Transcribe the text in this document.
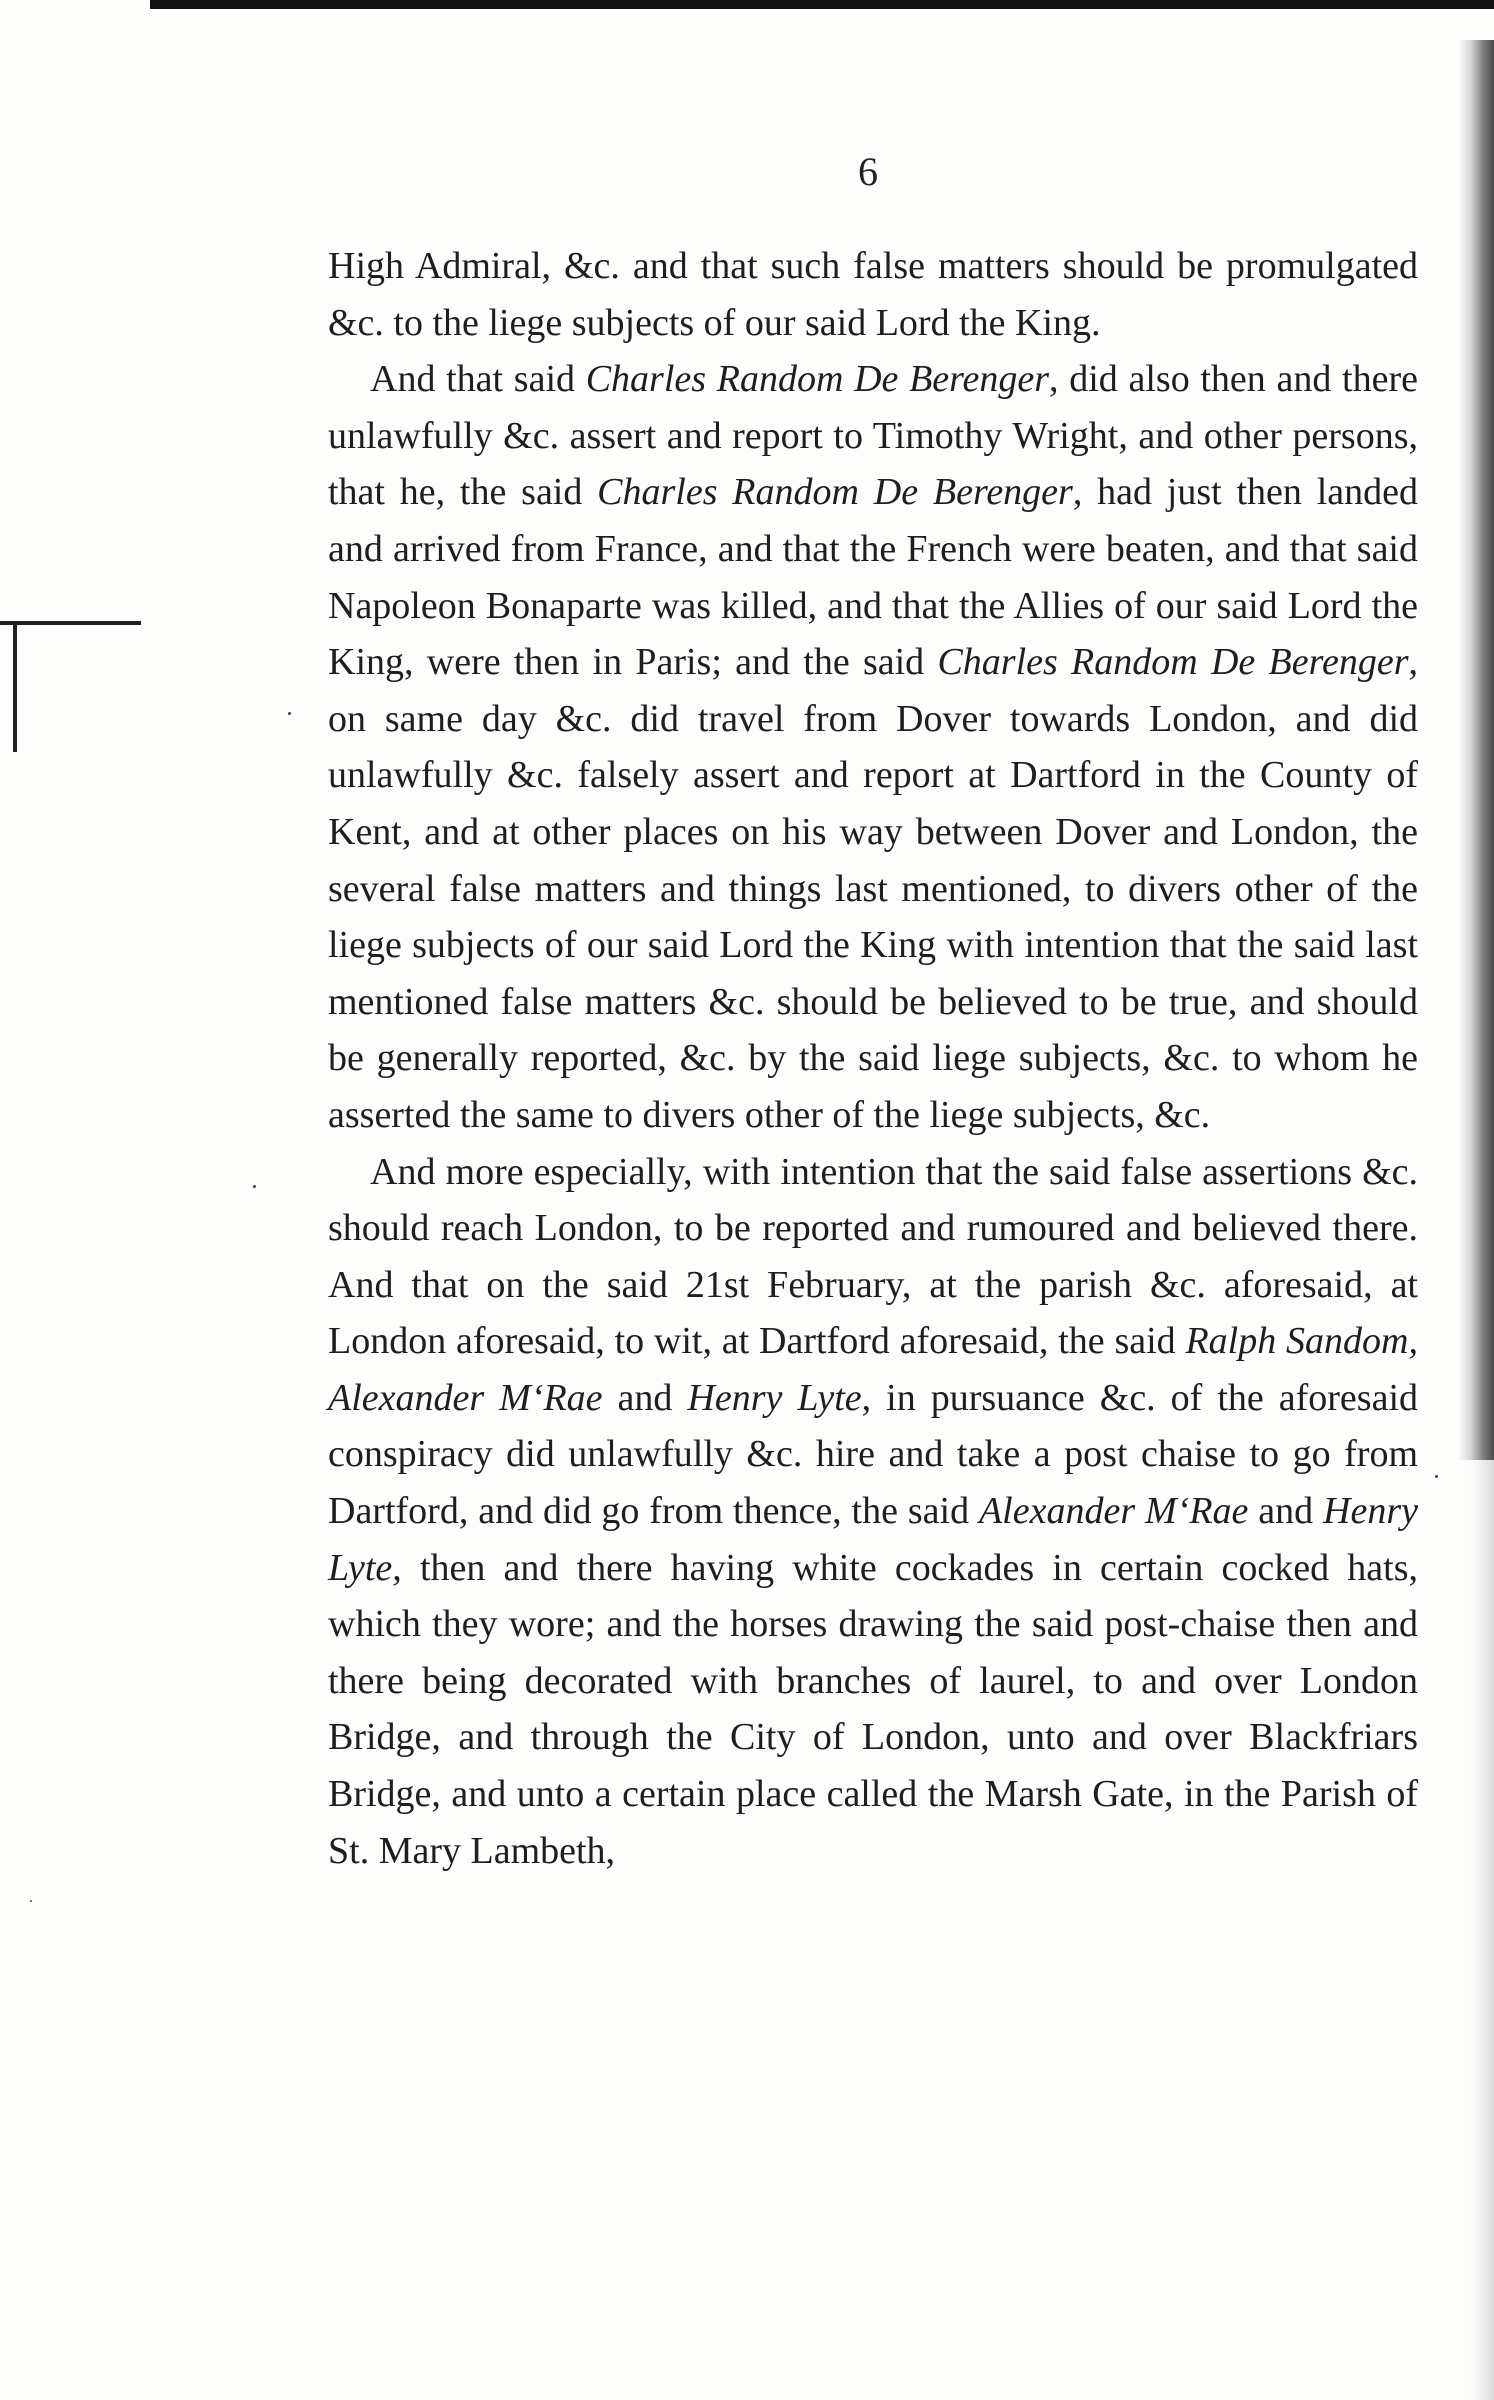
6

High Admiral, &c. and that such false matters should be promulgated &c. to the liege subjects of our said Lord the King.

And that said Charles Random De Berenger, did also then and there unlawfully &c. assert and report to Timothy Wright, and other persons, that he, the said Charles Random De Berenger, had just then landed and arrived from France, and that the French were beaten, and that said Napoleon Bonaparte was killed, and that the Allies of our said Lord the King, were then in Paris; and the said Charles Random De Berenger, on same day &c. did travel from Dover towards London, and did unlawfully &c. falsely assert and report at Dartford in the County of Kent, and at other places on his way between Dover and London, the several false matters and things last mentioned, to divers other of the liege subjects of our said Lord the King with intention that the said last mentioned false matters &c. should be believed to be true, and should be generally reported, &c. by the said liege subjects, &c. to whom he asserted the same to divers other of the liege subjects, &c.

And more especially, with intention that the said false assertions &c. should reach London, to be reported and rumoured and believed there. And that on the said 21st February, at the parish &c. aforesaid, at London aforesaid, to wit, at Dartford aforesaid, the said Ralph Sandom, Alexander M‘Rae and Henry Lyte, in pursuance &c. of the aforesaid conspiracy did unlawfully &c. hire and take a post chaise to go from Dartford, and did go from thence, the said Alexander M‘Rae and Henry Lyte, then and there having white cockades in certain cocked hats, which they wore; and the horses drawing the said post-chaise then and there being decorated with branches of laurel, to and over London Bridge, and through the City of London, unto and over Blackfriars Bridge, and unto a certain place called the Marsh Gate, in the Parish of St. Mary Lambeth,
